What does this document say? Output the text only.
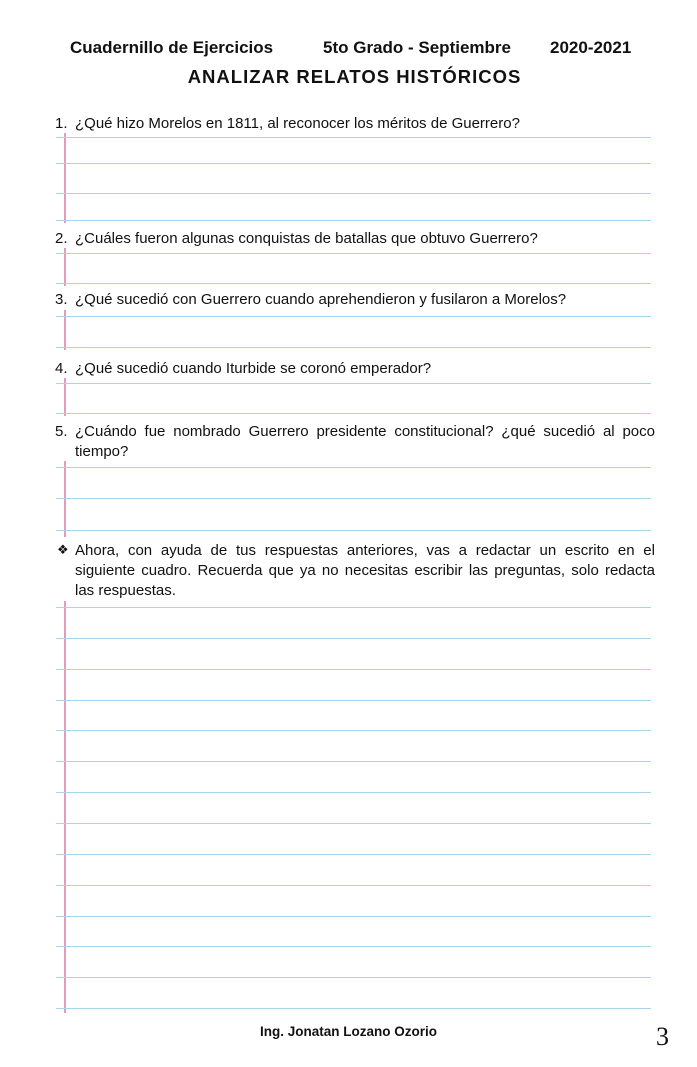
Cuadernillo de Ejercicios	5to Grado - Septiembre 2020-2021
ANALIZAR RELATOS HISTÓRICOS
1. ¿Qué hizo Morelos en 1811, al reconocer los méritos de Guerrero?
2. ¿Cuáles fueron algunas conquistas de batallas que obtuvo Guerrero?
3. ¿Qué sucedió con Guerrero cuando aprehendieron y fusilaron a Morelos?
4. ¿Qué sucedió cuando Iturbide se coronó emperador?
5. ¿Cuándo fue nombrado Guerrero presidente constitucional? ¿qué sucedió al poco tiempo?
❖ Ahora, con ayuda de tus respuestas anteriores, vas a redactar un escrito en el siguiente cuadro. Recuerda que ya no necesitas escribir las preguntas, solo redacta las respuestas.
Ing. Jonatan Lozano Ozorio	3
